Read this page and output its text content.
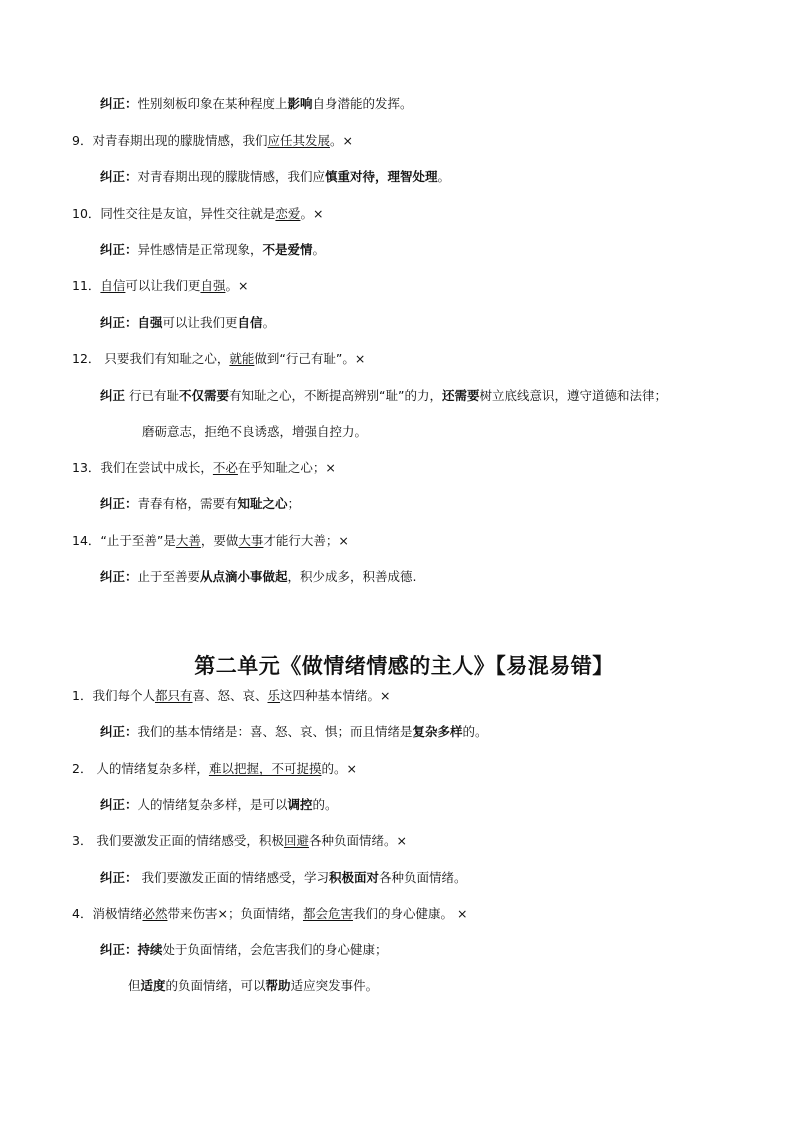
纠正：性别刻板印象在某种程度上影响自身潜能的发挥。
9．对青春期出现的朦胧情感，我们应任其发展。×
纠正：对青春期出现的朦胧情感，我们应慎重对待，理智处理。
10．同性交往是友谊，异性交往就是恋爱。×
纠正：异性感情是正常现象，不是爱情。
11．自信可以让我们更自强。×
纠正：自强可以让我们更自信。
12． 只要我们有知耻之心，就能做到“行己有耻”。×
纠正 行已有耻不仅需要有知耻之心，不断提高辨别“耻”的力，还需要树立底线意识，遵守道德和法律；
磨砺意志，拒绝不良诱惑，增强自控力。
13．我们在尝试中成长，不必在乎知耻之心；×
纠正：青春有格，需要有知耻之心；
14．“止于至善”是大善，要做大事才能行大善；×
纠正：止于至善要从点滴小事做起，积少成多，积善成德.
第二单元《做情绪情感的主人》【易混易错】
1．我们每个人都只有喜、怒、哀、乐这四种基本情绪。×
纠正：我们的基本情绪是：喜、怒、哀、惧；而且情绪是复杂多样的。
2． 人的情绪复杂多样，难以把握，不可捉摸的。×
纠正：人的情绪复杂多样，是可以调控的。
3． 我们要激发正面的情绪感受，积极回避各种负面情绪。×
纠正： 我们要激发正面的情绪感受，学习积极面对各种负面情绪。
4．消极情绪必然带来伤害×；负面情绪，都会危害我们的身心健康。 ×
纠正：持续处于负面情绪，会危害我们的身心健康；
但适度的负面情绪，可以帮助适应突发事件。
